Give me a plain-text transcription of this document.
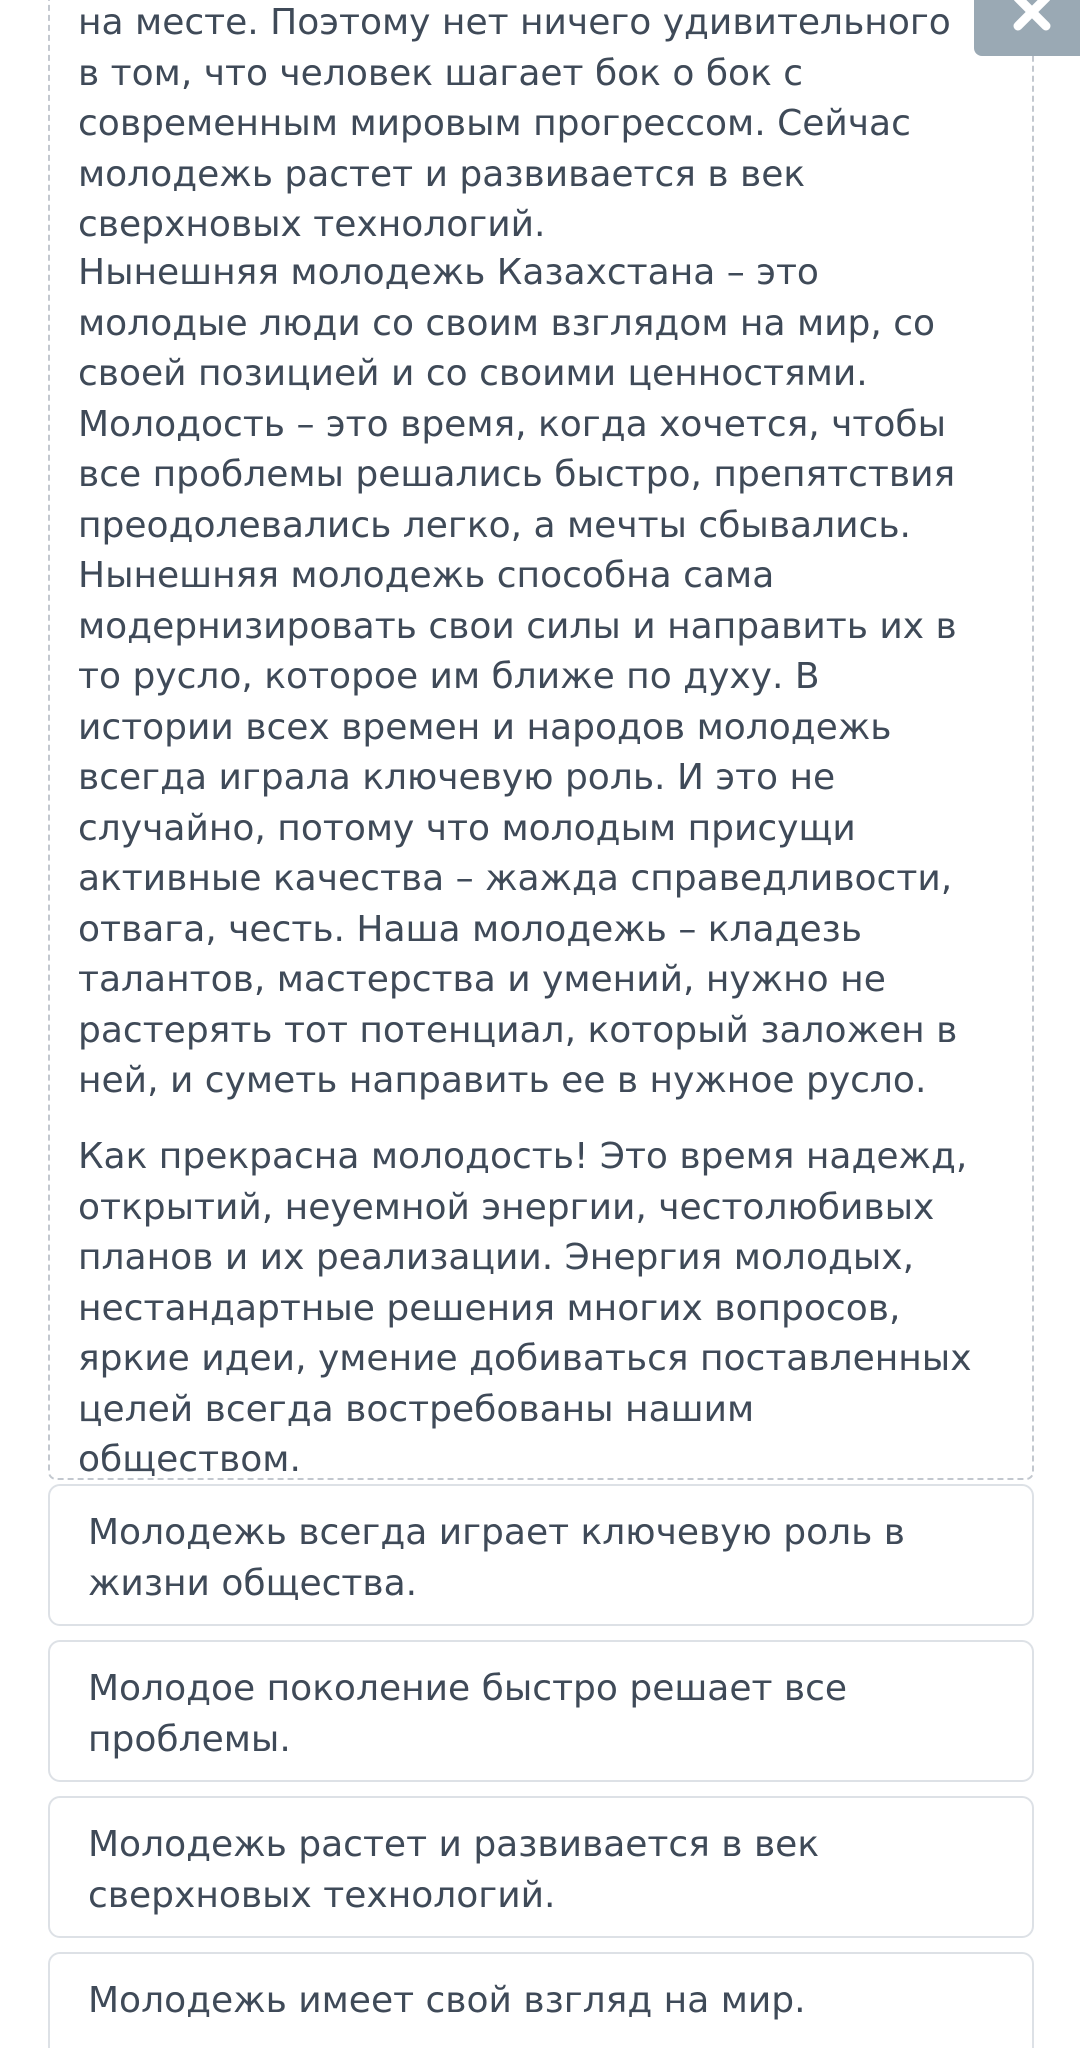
на месте. Поэтому нет ничего удивительного в том, что человек шагает бок о бок с современным мировым прогрессом. Сейчас молодежь растет и развивается в век сверхновых технологий.

Нынешняя молодежь Казахстана – это молодые люди со своим взглядом на мир, со своей позицией и со своими ценностями. Молодость – это время, когда хочется, чтобы все проблемы решались быстро, препятствия преодолевались легко, а мечты сбывались. Нынешняя молодежь способна сама модернизировать свои силы и направить их в то русло, которое им ближе по духу. В истории всех времен и народов молодежь всегда играла ключевую роль. И это не случайно, потому что молодым присущи активные качества – жажда справедливости, отвага, честь. Наша молодежь – кладезь талантов, мастерства и умений, нужно не растерять тот потенциал, который заложен в ней, и суметь направить ее в нужное русло.

Как прекрасна молодость! Это время надежд, открытий, неуемной энергии, честолюбивых планов и их реализации. Энергия молодых, нестандартные решения многих вопросов, яркие идеи, умение добиваться поставленных целей всегда востребованы нашим обществом.

Молодежь всегда играет ключевую роль в жизни общества.
Молодое поколение быстро решает все проблемы.
Молодежь растет и развивается в век сверхновых технологий.
Молодежь имеет свой взгляд на мир.
